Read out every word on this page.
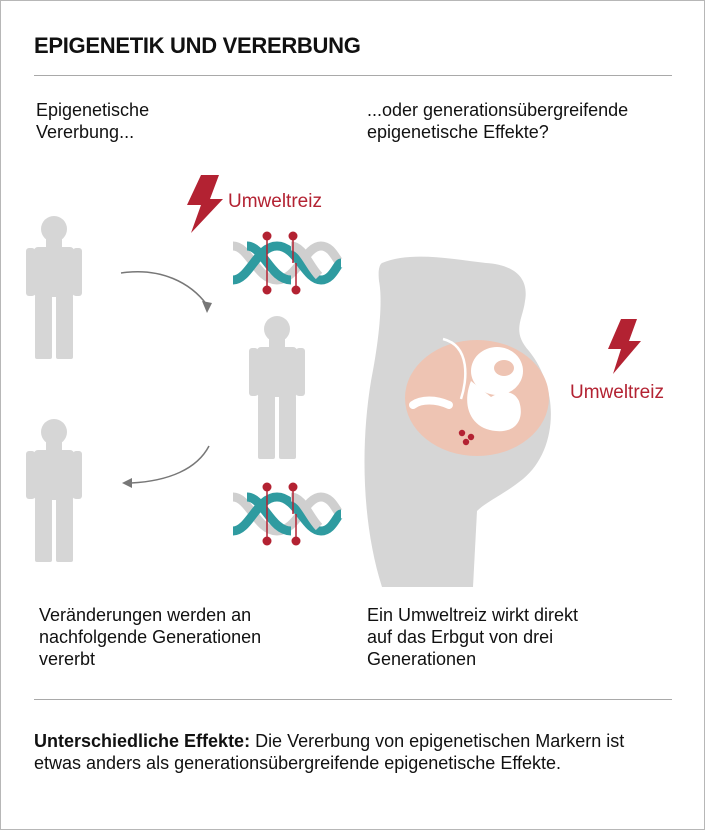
EPIGENETIK UND VERERBUNG
Epigenetische
Vererbung...
...oder generationsübergreifende
epigenetische Effekte?
Umweltreiz
Umweltreiz
Veränderungen werden an
nachfolgende Generationen
vererbt
Ein Umweltreiz wirkt direkt
auf das Erbgut von drei
Generationen
Unterschiedliche Effekte: Die Vererbung von epigenetischen Markern ist etwas anders als generationsübergreifende epigenetische Effekte.
